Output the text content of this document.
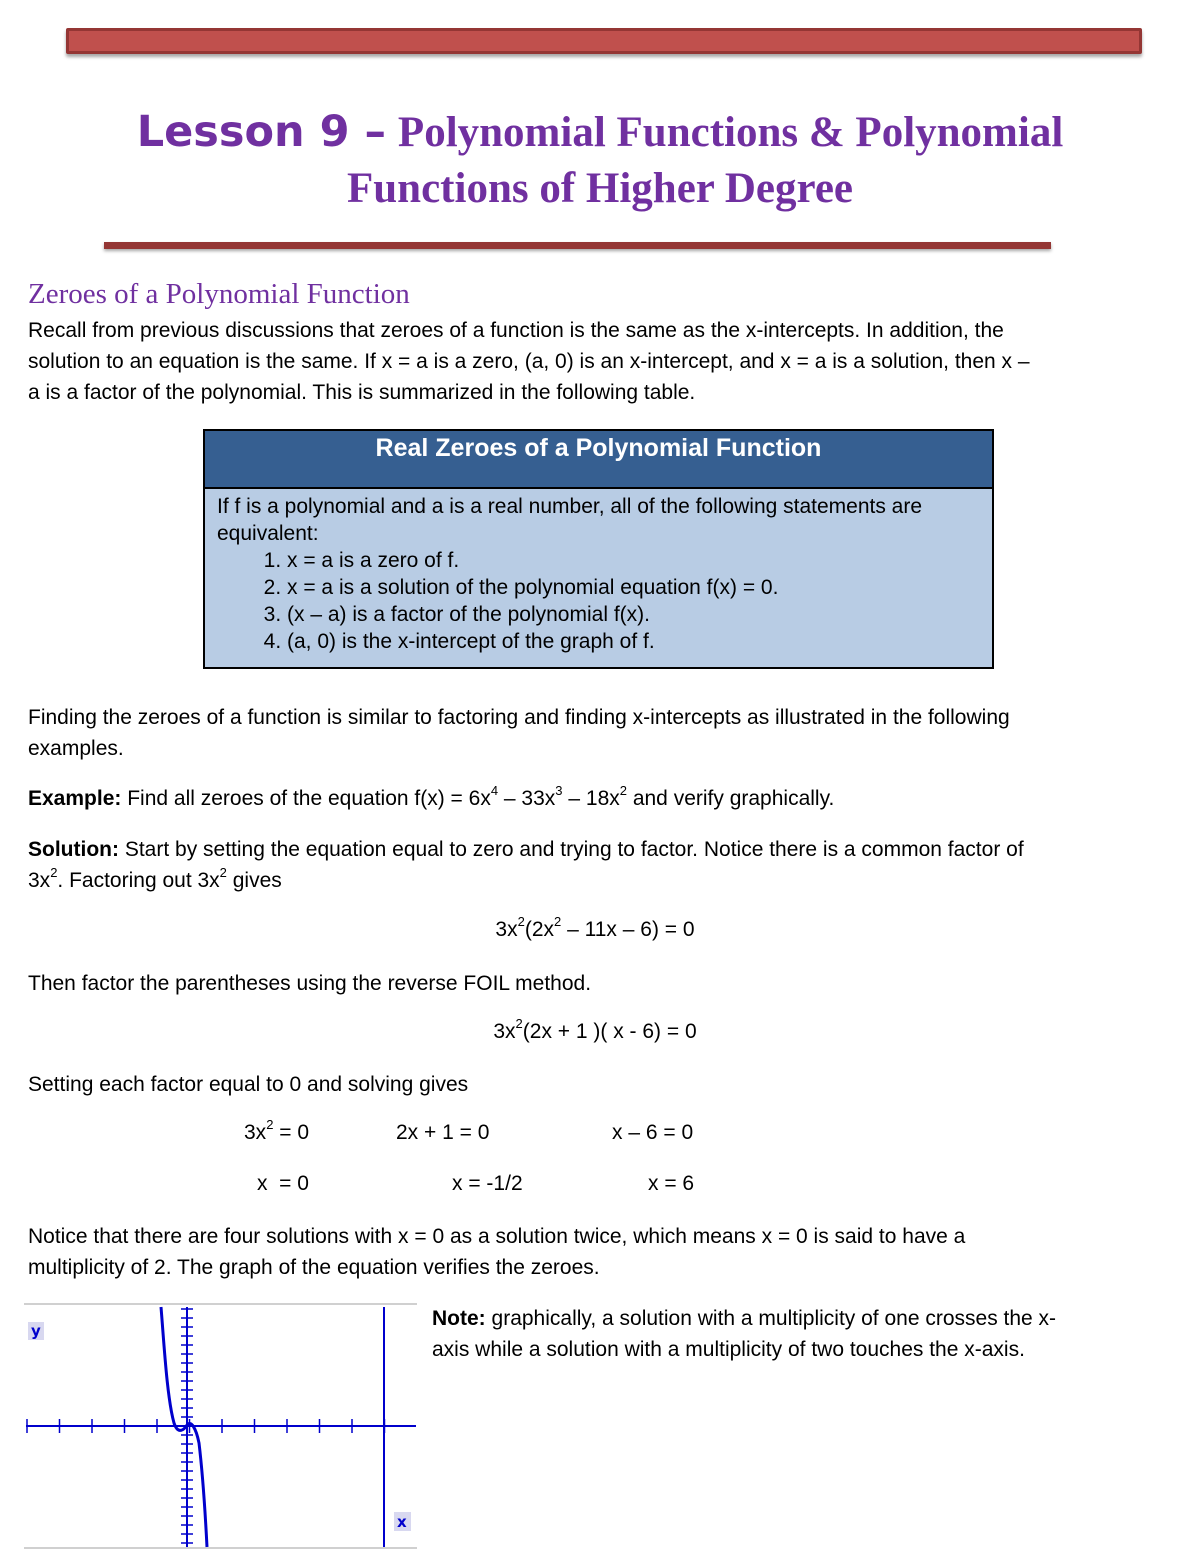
Lesson 9 – Polynomial Functions & Polynomial
Functions of Higher Degree
Zeroes of a Polynomial Function
Recall from previous discussions that zeroes of a function is the same as the x-intercepts. In addition, the
solution to an equation is the same. If x = a is a zero, (a, 0) is an x-intercept, and x = a is a solution, then x –
a is a factor of the polynomial. This is summarized in the following table.
Real Zeroes of a Polynomial Function
If f is a polynomial and a is a real number, all of the following statements are equivalent:
1. x = a is a zero of f.
2. x = a is a solution of the polynomial equation f(x) = 0.
3. (x – a) is a factor of the polynomial f(x).
4. (a, 0) is the x-intercept of the graph of f.
Finding the zeroes of a function is similar to factoring and finding x-intercepts as illustrated in the following
examples.
Example: Find all zeroes of the equation $f(x) = 6x^4 - 33x^3 - 18x^2$ and verify graphically.
Solution: Start by setting the equation equal to zero and trying to factor. Notice there is a common factor of
$3x^2$. Factoring out $3x^2$ gives
$3x^2(2x^2 - 11x - 6) = 0$
Then factor the parentheses using the reverse FOIL method.
$3x^2(2x + 1$ )( x - 6) = 0
Setting each factor equal to 0 and solving gives
$3x^2 = 0$	2x + 1 = 0	x – 6 = 0
x  = 0	x = -1/2	x = 6
Notice that there are four solutions with x = 0 as a solution twice, which means x = 0 is said to have a
multiplicity of 2. The graph of the equation verifies the zeroes.
y
x
Note: graphically, a solution with a multiplicity of one crosses the x-
axis while a solution with a multiplicity of two touches the x-axis.
